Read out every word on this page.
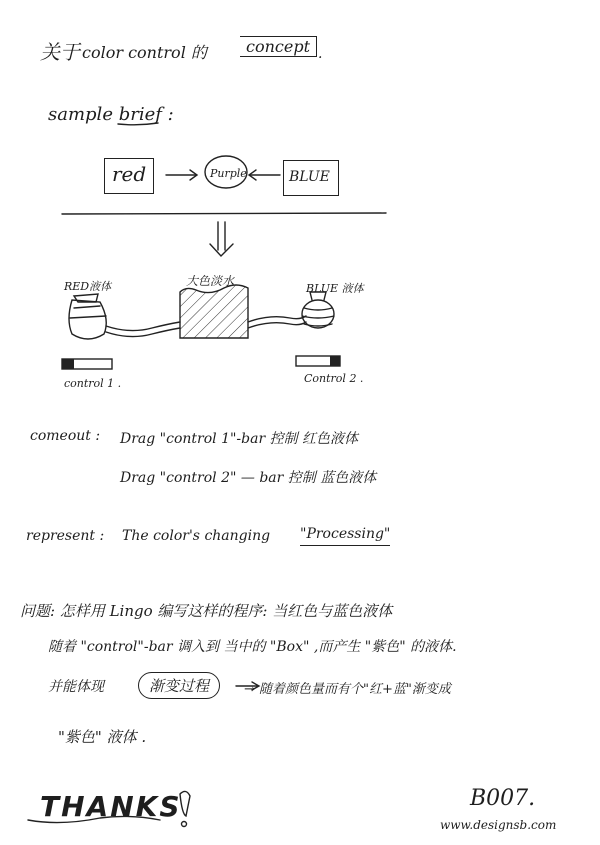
关于 color control 的	concept .
sample brief :
red	Purple	BLUE
RED液体	大色淡水
BLUE 液体
control 1 .	Control 2 .
comeout : Drag "control 1"-bar 控制 红色液体
Drag "control 2" — bar 控制 蓝色液体
represent : The color's changing "Processing"
问题: 怎样用 Lingo 编写这样的程序: 当红色与蓝色液体
随着 "control"-bar 调入到 当中的 "Box" ,而产生 "紫色" 的液体.
并能体现	渐变过程	→ 随着颜色量而有个"红+蓝"渐变成
"紫色" 液体 .
THANKS	B007.
www.designsb.com
